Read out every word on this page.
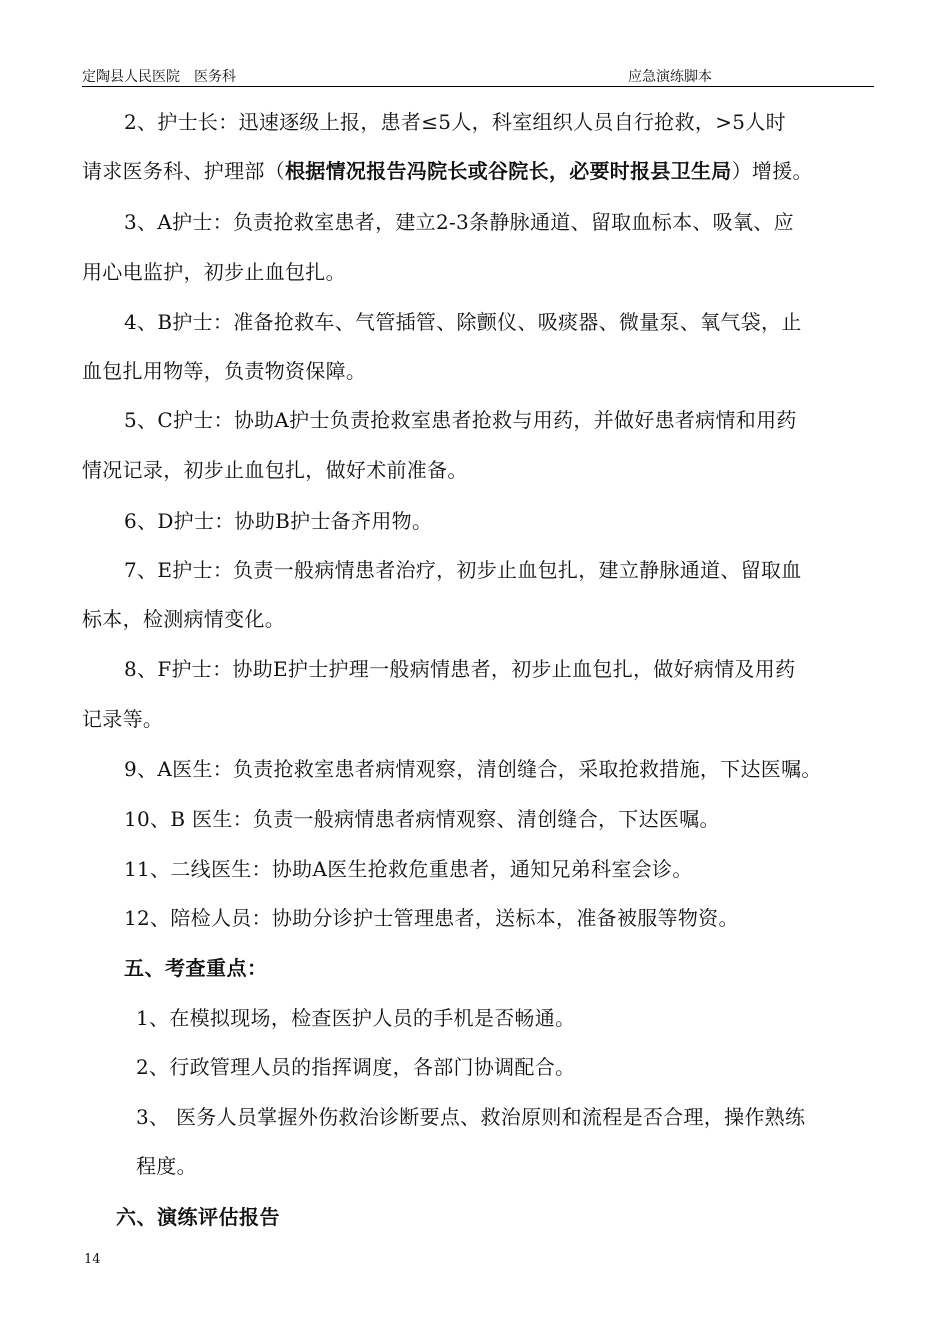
定陶县人民医院　医务科	应急演练脚本
2、护士长：迅速逐级上报，患者≤5人，科室组织人员自行抢救，>5人时
请求医务科、护理部（根据情况报告冯院长或谷院长，必要时报县卫生局）增援。
3、A护士：负责抢救室患者，建立2-3条静脉通道、留取血标本、吸氧、应
用心电监护，初步止血包扎。
4、B护士：准备抢救车、气管插管、除颤仪、吸痰器、微量泵、氧气袋，止
血包扎用物等，负责物资保障。
5、C护士：协助A护士负责抢救室患者抢救与用药，并做好患者病情和用药
情况记录，初步止血包扎，做好术前准备。
6、D护士：协助B护士备齐用物。
7、E护士：负责一般病情患者治疗，初步止血包扎，建立静脉通道、留取血
标本，检测病情变化。
8、F护士：协助E护士护理一般病情患者，初步止血包扎，做好病情及用药
记录等。
9、A医生：负责抢救室患者病情观察，清创缝合，采取抢救措施，下达医嘱。
10、B 医生：负责一般病情患者病情观察、清创缝合，下达医嘱。
11、二线医生：协助A医生抢救危重患者，通知兄弟科室会诊。
12、陪检人员：协助分诊护士管理患者，送标本，准备被服等物资。
五、考查重点：
1、在模拟现场，检查医护人员的手机是否畅通。
2、行政管理人员的指挥调度，各部门协调配合。
3、 医务人员掌握外伤救治诊断要点、救治原则和流程是否合理，操作熟练
程度。
六、演练评估报告
14
